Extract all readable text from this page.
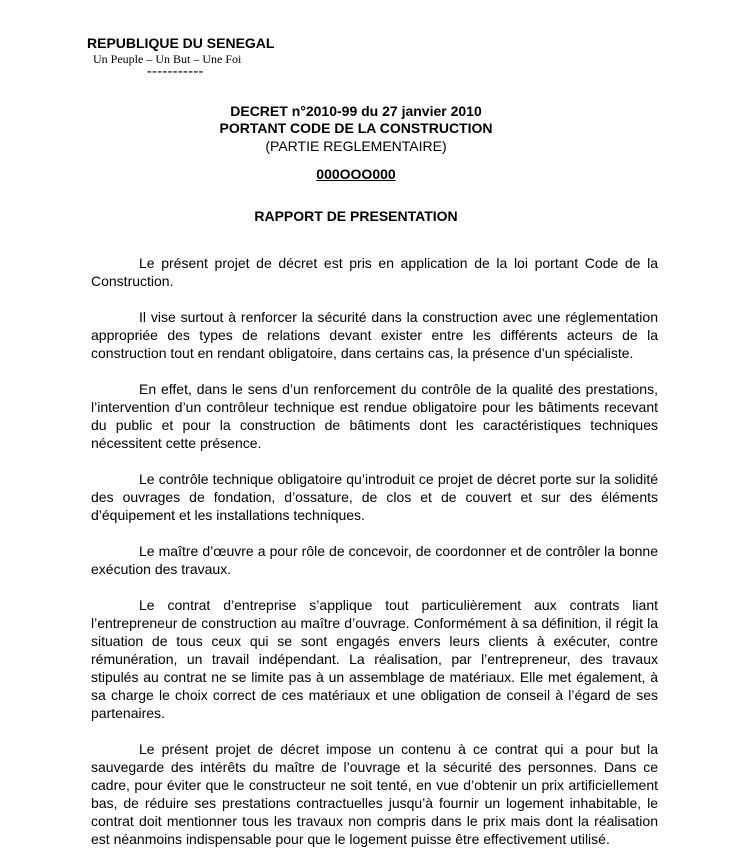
REPUBLIQUE DU SENEGAL
Un Peuple – Un But – Une Foi
-----------
DECRET n°2010-99 du 27 janvier 2010
PORTANT CODE DE LA CONSTRUCTION
(PARTIE REGLEMENTAIRE)
000OOO000
RAPPORT DE PRESENTATION

Le présent projet de décret est pris en application de la loi portant Code de la Construction.

Il vise surtout à renforcer la sécurité dans la construction avec une réglementation appropriée des types de relations devant exister entre les différents acteurs de la construction tout en rendant obligatoire, dans certains cas, la présence d’un spécialiste.

En effet, dans le sens d’un renforcement du contrôle de la qualité des prestations, l’intervention d’un contrôleur technique est rendue obligatoire pour les bâtiments recevant du public et pour la construction de bâtiments dont les caractéristiques techniques nécessitent cette présence.

Le contrôle technique obligatoire qu’introduit ce projet de décret porte sur la solidité des ouvrages de fondation, d’ossature, de clos et de couvert et sur des éléments d’équipement et les installations techniques.

Le maître d’œuvre a pour rôle de concevoir, de coordonner et de contrôler la bonne exécution des travaux.

Le contrat d’entreprise s’applique tout particulièrement aux contrats liant l’entrepreneur de construction au maître d’ouvrage. Conformément à sa définition, il régit la situation de tous ceux qui se sont engagés envers leurs clients à exécuter, contre rémunération, un travail indépendant. La réalisation, par l’entrepreneur, des travaux stipulés au contrat ne se limite pas à un assemblage de matériaux. Elle met également, à sa charge le choix correct de ces matériaux et une obligation de conseil à l’égard de ses partenaires.

Le présent projet de décret impose un contenu à ce contrat qui a pour but la sauvegarde des intérêts du maître de l’ouvrage et la sécurité des personnes. Dans ce cadre, pour éviter que le constructeur ne soit tenté, en vue d’obtenir un prix artificiellement bas, de réduire ses prestations contractuelles jusqu’à fournir un logement inhabitable, le contrat doit mentionner tous les travaux non compris dans le prix mais dont la réalisation est néanmoins indispensable pour que le logement puisse être effectivement utilisé.
